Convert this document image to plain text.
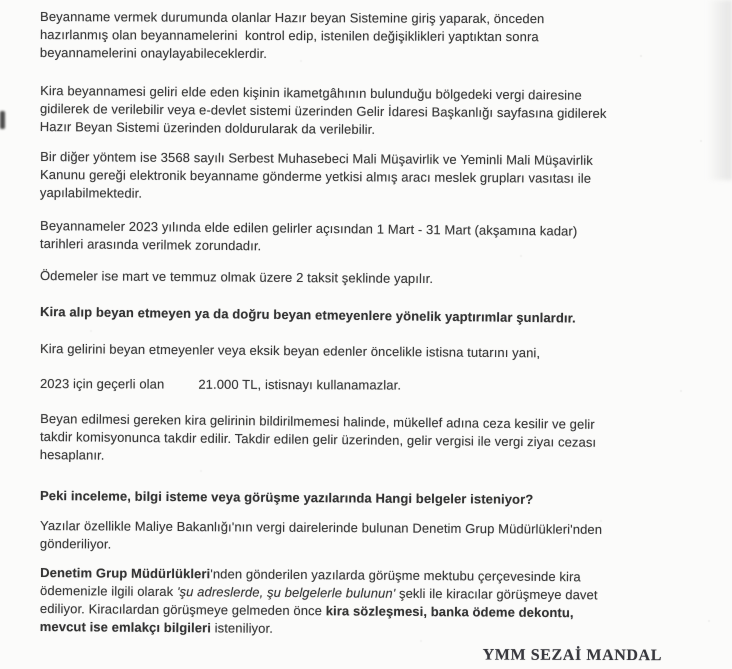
Beyanname vermek durumunda olanlar Hazır beyan Sistemine giriş yaparak, önceden
hazırlanmış olan beyannamelerini  kontrol edip, istenilen değişiklikleri yaptıktan sonra
beyannamelerini onaylayabileceklerdir.

Kira beyannamesi geliri elde eden kişinin ikametgâhının bulunduğu bölgedeki vergi dairesine
gidilerek de verilebilir veya e-devlet sistemi üzerinden Gelir İdaresi Başkanlığı sayfasına gidilerek
Hazır Beyan Sistemi üzerinden doldurularak da verilebilir.

Bir diğer yöntem ise 3568 sayılı Serbest Muhasebeci Mali Müşavirlik ve Yeminli Mali Müşavirlik
Kanunu gereği elektronik beyanname gönderme yetkisi almış aracı meslek grupları vasıtası ile
yapılabilmektedir.

Beyannameler 2023 yılında elde edilen gelirler açısından 1 Mart - 31 Mart (akşamına kadar)
tarihleri arasında verilmek zorundadır.

Ödemeler ise mart ve temmuz olmak üzere 2 taksit şeklinde yapılır.

Kira alıp beyan etmeyen ya da doğru beyan etmeyenlere yönelik yaptırımlar şunlardır.

Kira gelirini beyan etmeyenler veya eksik beyan edenler öncelikle istisna tutarını yani,

2023 için geçerli olan	21.000 TL, istisnayı kullanamazlar.

Beyan edilmesi gereken kira gelirinin bildirilmemesi halinde, mükellef adına ceza kesilir ve gelir
takdir komisyonunca takdir edilir. Takdir edilen gelir üzerinden, gelir vergisi ile vergi ziyaı cezası
hesaplanır.

Peki inceleme, bilgi isteme veya görüşme yazılarında Hangi belgeler isteniyor?

Yazılar özellikle Maliye Bakanlığı'nın vergi dairelerinde bulunan Denetim Grup Müdürlükleri'nden
gönderiliyor.

Denetim Grup Müdürlükleri'nden gönderilen yazılarda görüşme mektubu çerçevesinde kira
ödemenizle ilgili olarak 'şu adreslerde, şu belgelerle bulunun' şekli ile kiracılar görüşmeye davet
ediliyor. Kiracılardan görüşmeye gelmeden önce kira sözleşmesi, banka ödeme dekontu,
mevcut ise emlakçı bilgileri isteniliyor.

YMM SEZAİ MANDAL
